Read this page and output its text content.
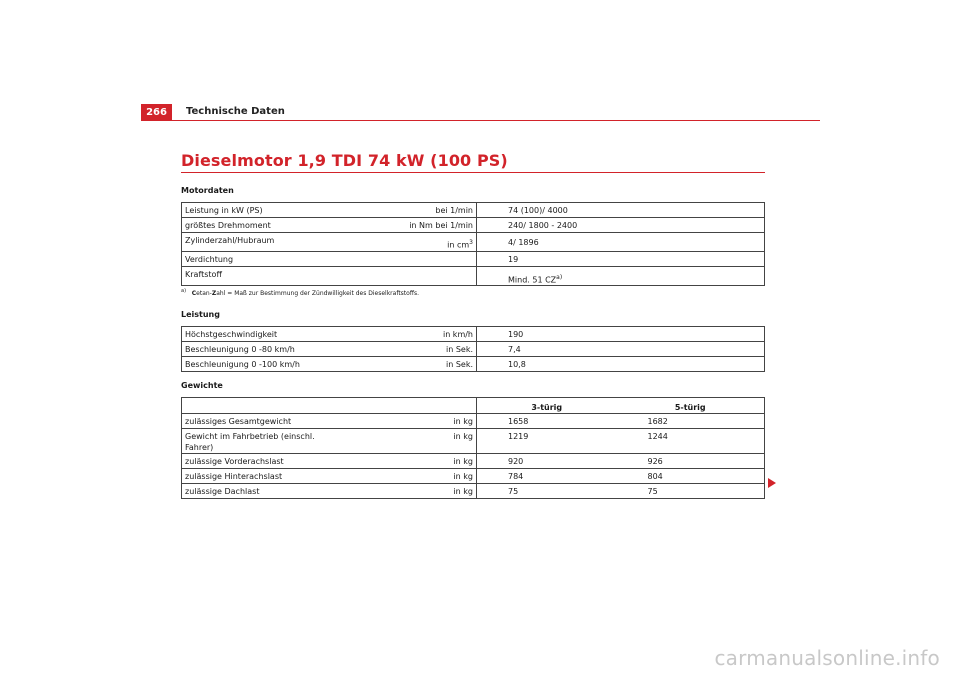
266	Technische Daten
Dieselmotor 1,9 TDI 74 kW (100 PS)
Motordaten
Leistung in kW (PS)	bei 1/min	74 (100)/ 4000
größtes Drehmoment	in Nm bei 1/min	240/ 1800 - 2400
Zylinderzahl/Hubraum	in $cm^3$	4/ 1896
Verdichtung		19
Kraftstoff		Mind. 51 CZ$^{a)}$
$^{a)}$ Cetan-Zahl = Maß zur Bestimmung der Zündwilligkeit des Dieselkraftstoffs.
Leistung
Höchstgeschwindigkeit	in km/h	190
Beschleunigung 0 -80 km/h	in Sek.	7,4
Beschleunigung 0 -100 km/h	in Sek.	10,8
Gewichte
		3-türig	5-türig
zulässiges Gesamtgewicht	in kg	1658	1682
Gewicht im Fahrbetrieb (einschl. Fahrer)	in kg	1219	1244
zulässige Vorderachslast	in kg	920	926
zulässige Hinterachslast	in kg	784	804
zulässige Dachlast	in kg	75	75
carmanualsonline.info
